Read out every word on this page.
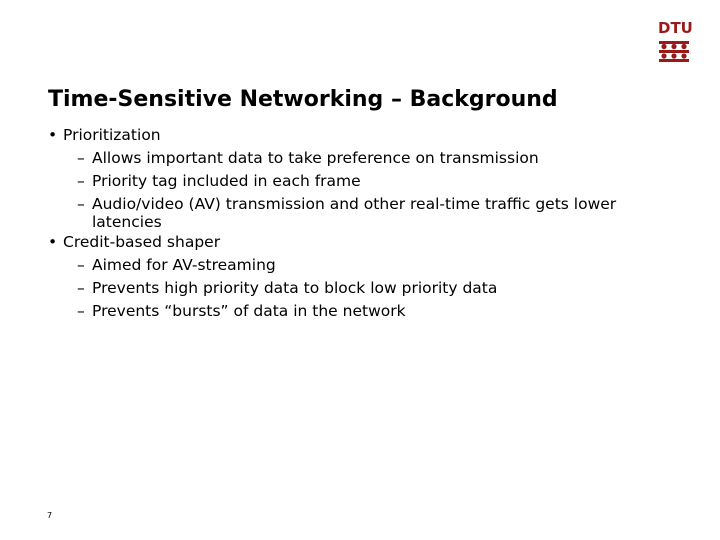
DTU
Time-Sensitive Networking – Background
• Prioritization
– Allows important data to take preference on transmission
– Priority tag included in each frame
– Audio/video (AV) transmission and other real-time traffic gets lower latencies
• Credit-based shaper
– Aimed for AV-streaming
– Prevents high priority data to block low priority data
– Prevents “bursts” of data in the network
7
